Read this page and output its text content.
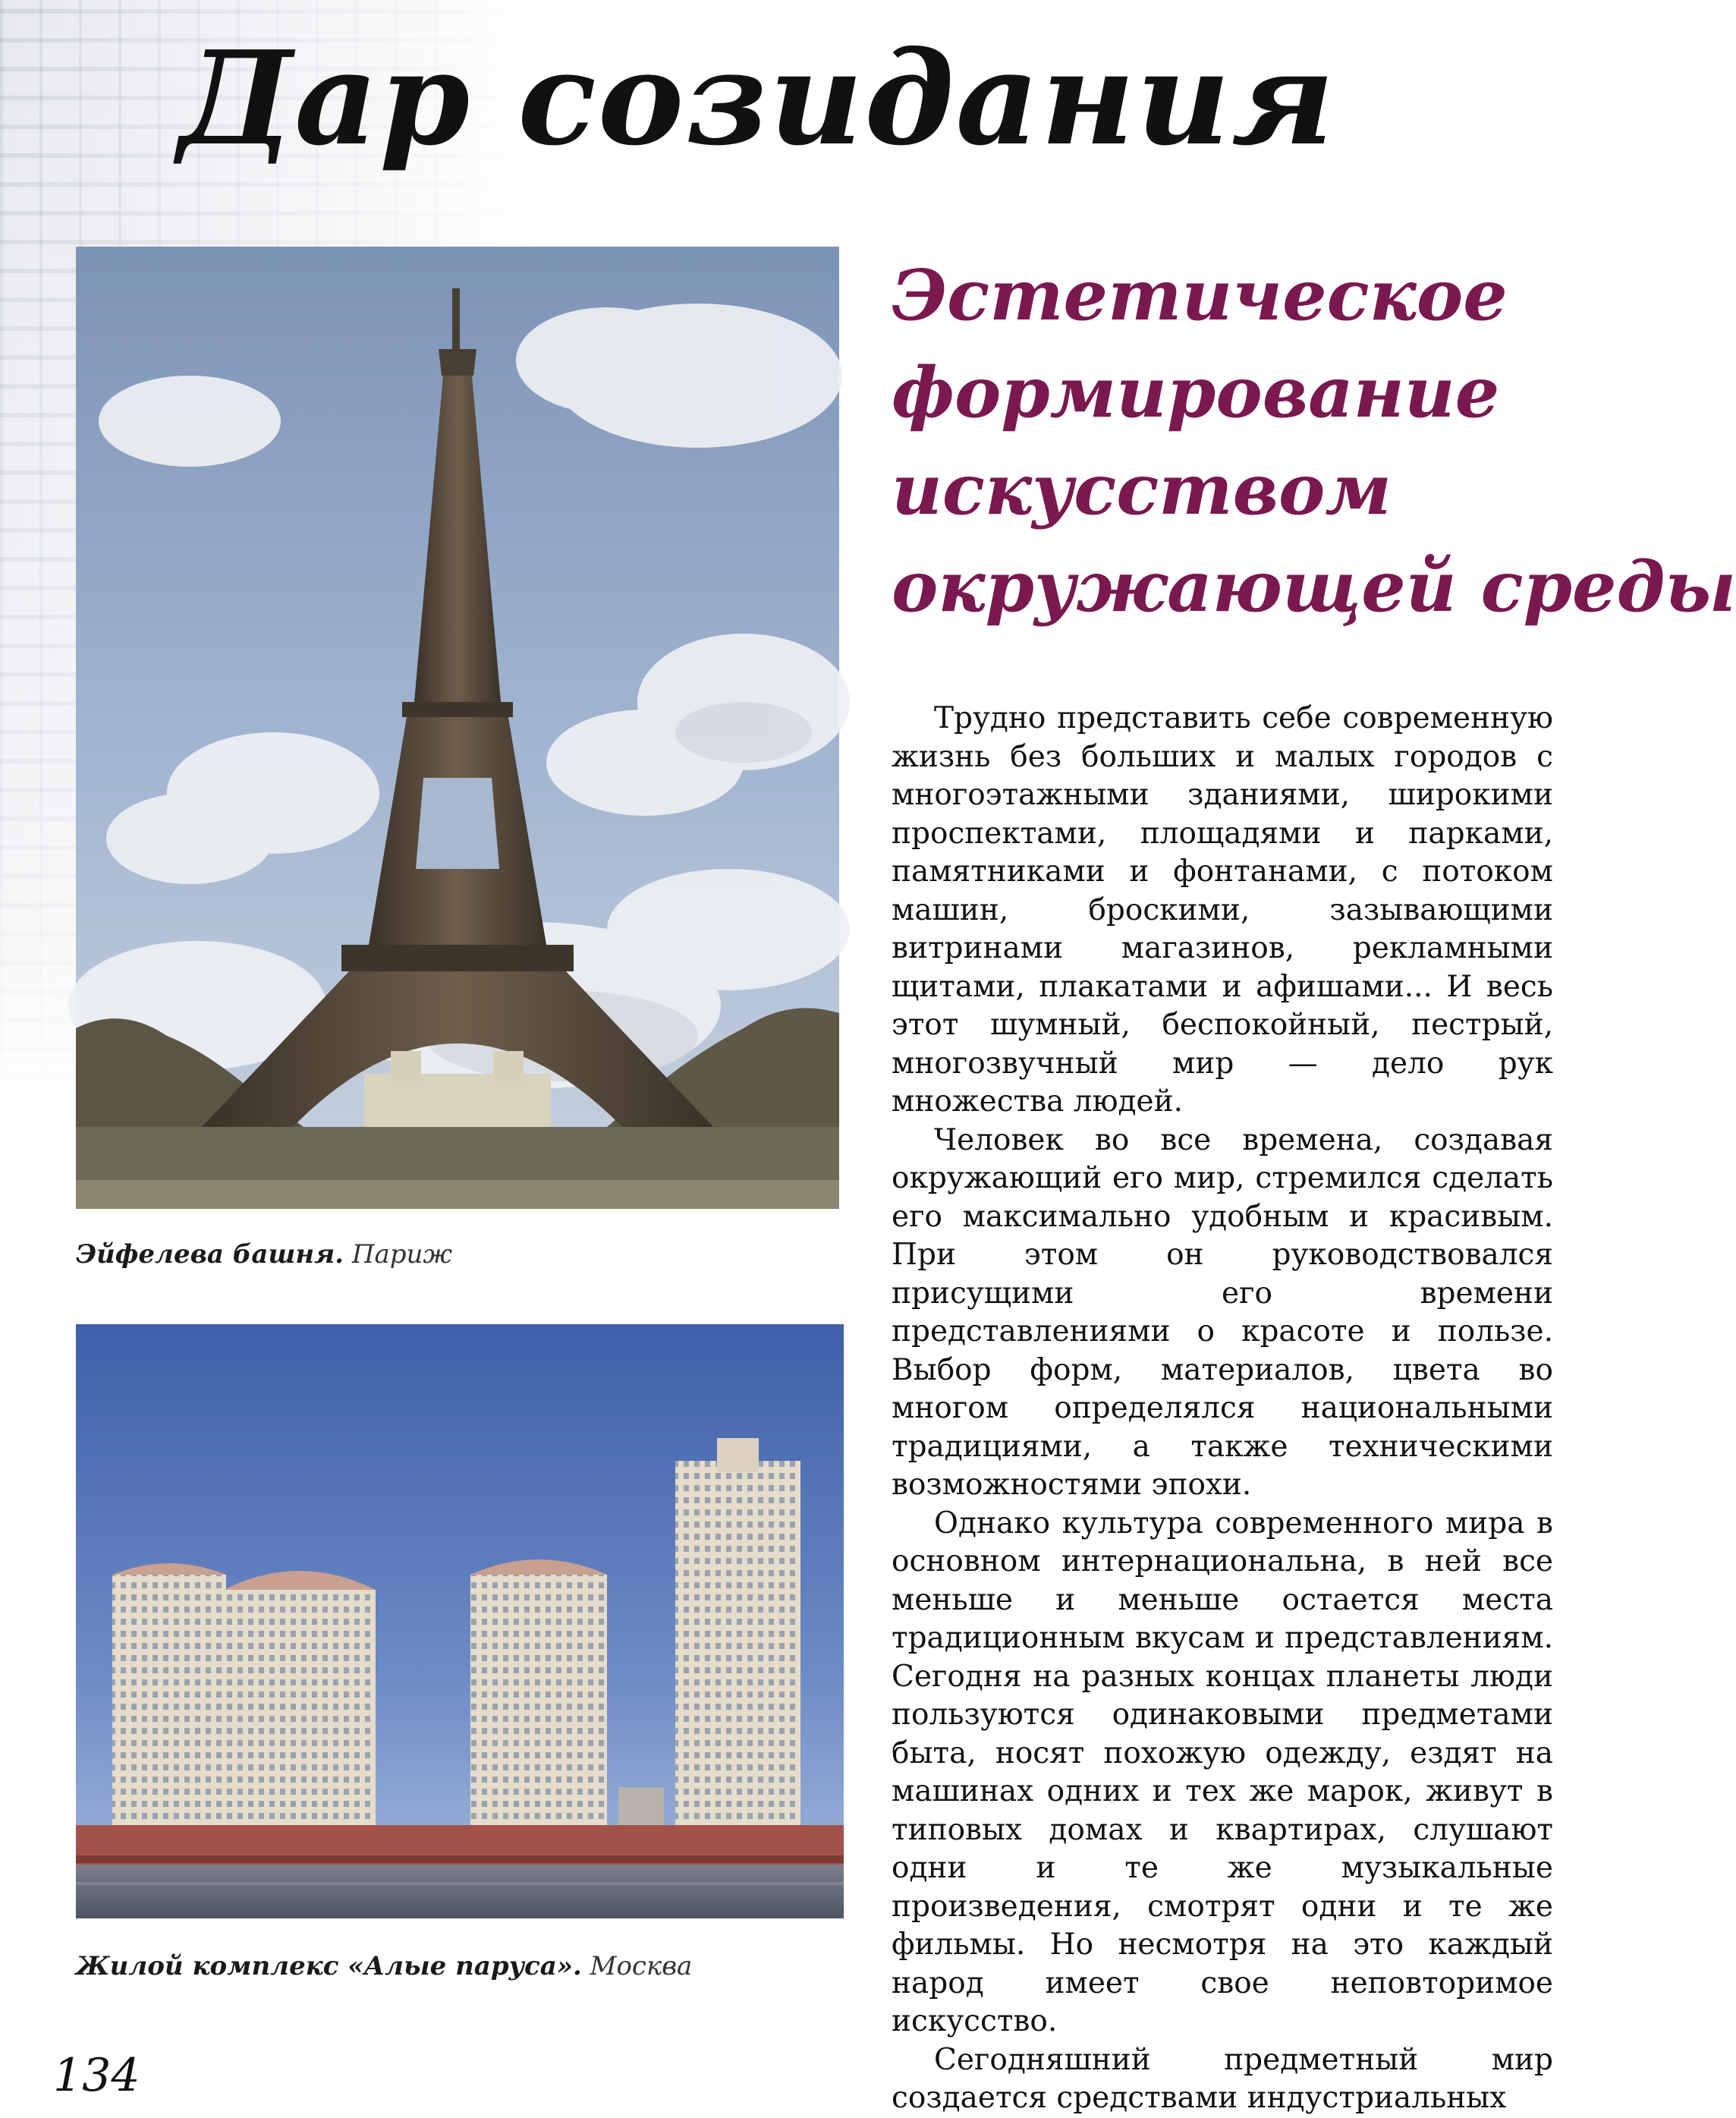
Дар созидания

Эйфелева башня. Париж

Жилой комплекс «Алые паруса». Москва

Эстетическое
формирование
искусством
окружающей среды

Трудно представить себе современную жизнь без больших и малых городов с многоэтажными зданиями, широкими проспектами, площадями и парками, памятниками и фонтанами, с потоком машин, броскими, зазывающими витринами магазинов, рекламными щитами, плакатами и афишами... И весь этот шумный, беспокойный, пестрый, многозвучный мир — дело рук множества людей.

Человек во все времена, создавая окружающий его мир, стремился сделать его максимально удобным и красивым. При этом он руководствовался присущими его времени представлениями о красоте и пользе. Выбор форм, материалов, цвета во многом определялся национальными традициями, а также техническими возможностями эпохи.

Однако культура современного мира в основном интернациональна, в ней все меньше и меньше остается места традиционным вкусам и представлениям. Сегодня на разных концах планеты люди пользуются одинаковыми предметами быта, носят похожую одежду, ездят на машинах одних и тех же марок, живут в типовых домах и квартирах, слушают одни и те же музыкальные произведения, смотрят одни и те же фильмы. Но несмотря на это каждый народ имеет свое неповторимое искусство.

Сегодняшний предметный мир создается средствами индустриальных

134
